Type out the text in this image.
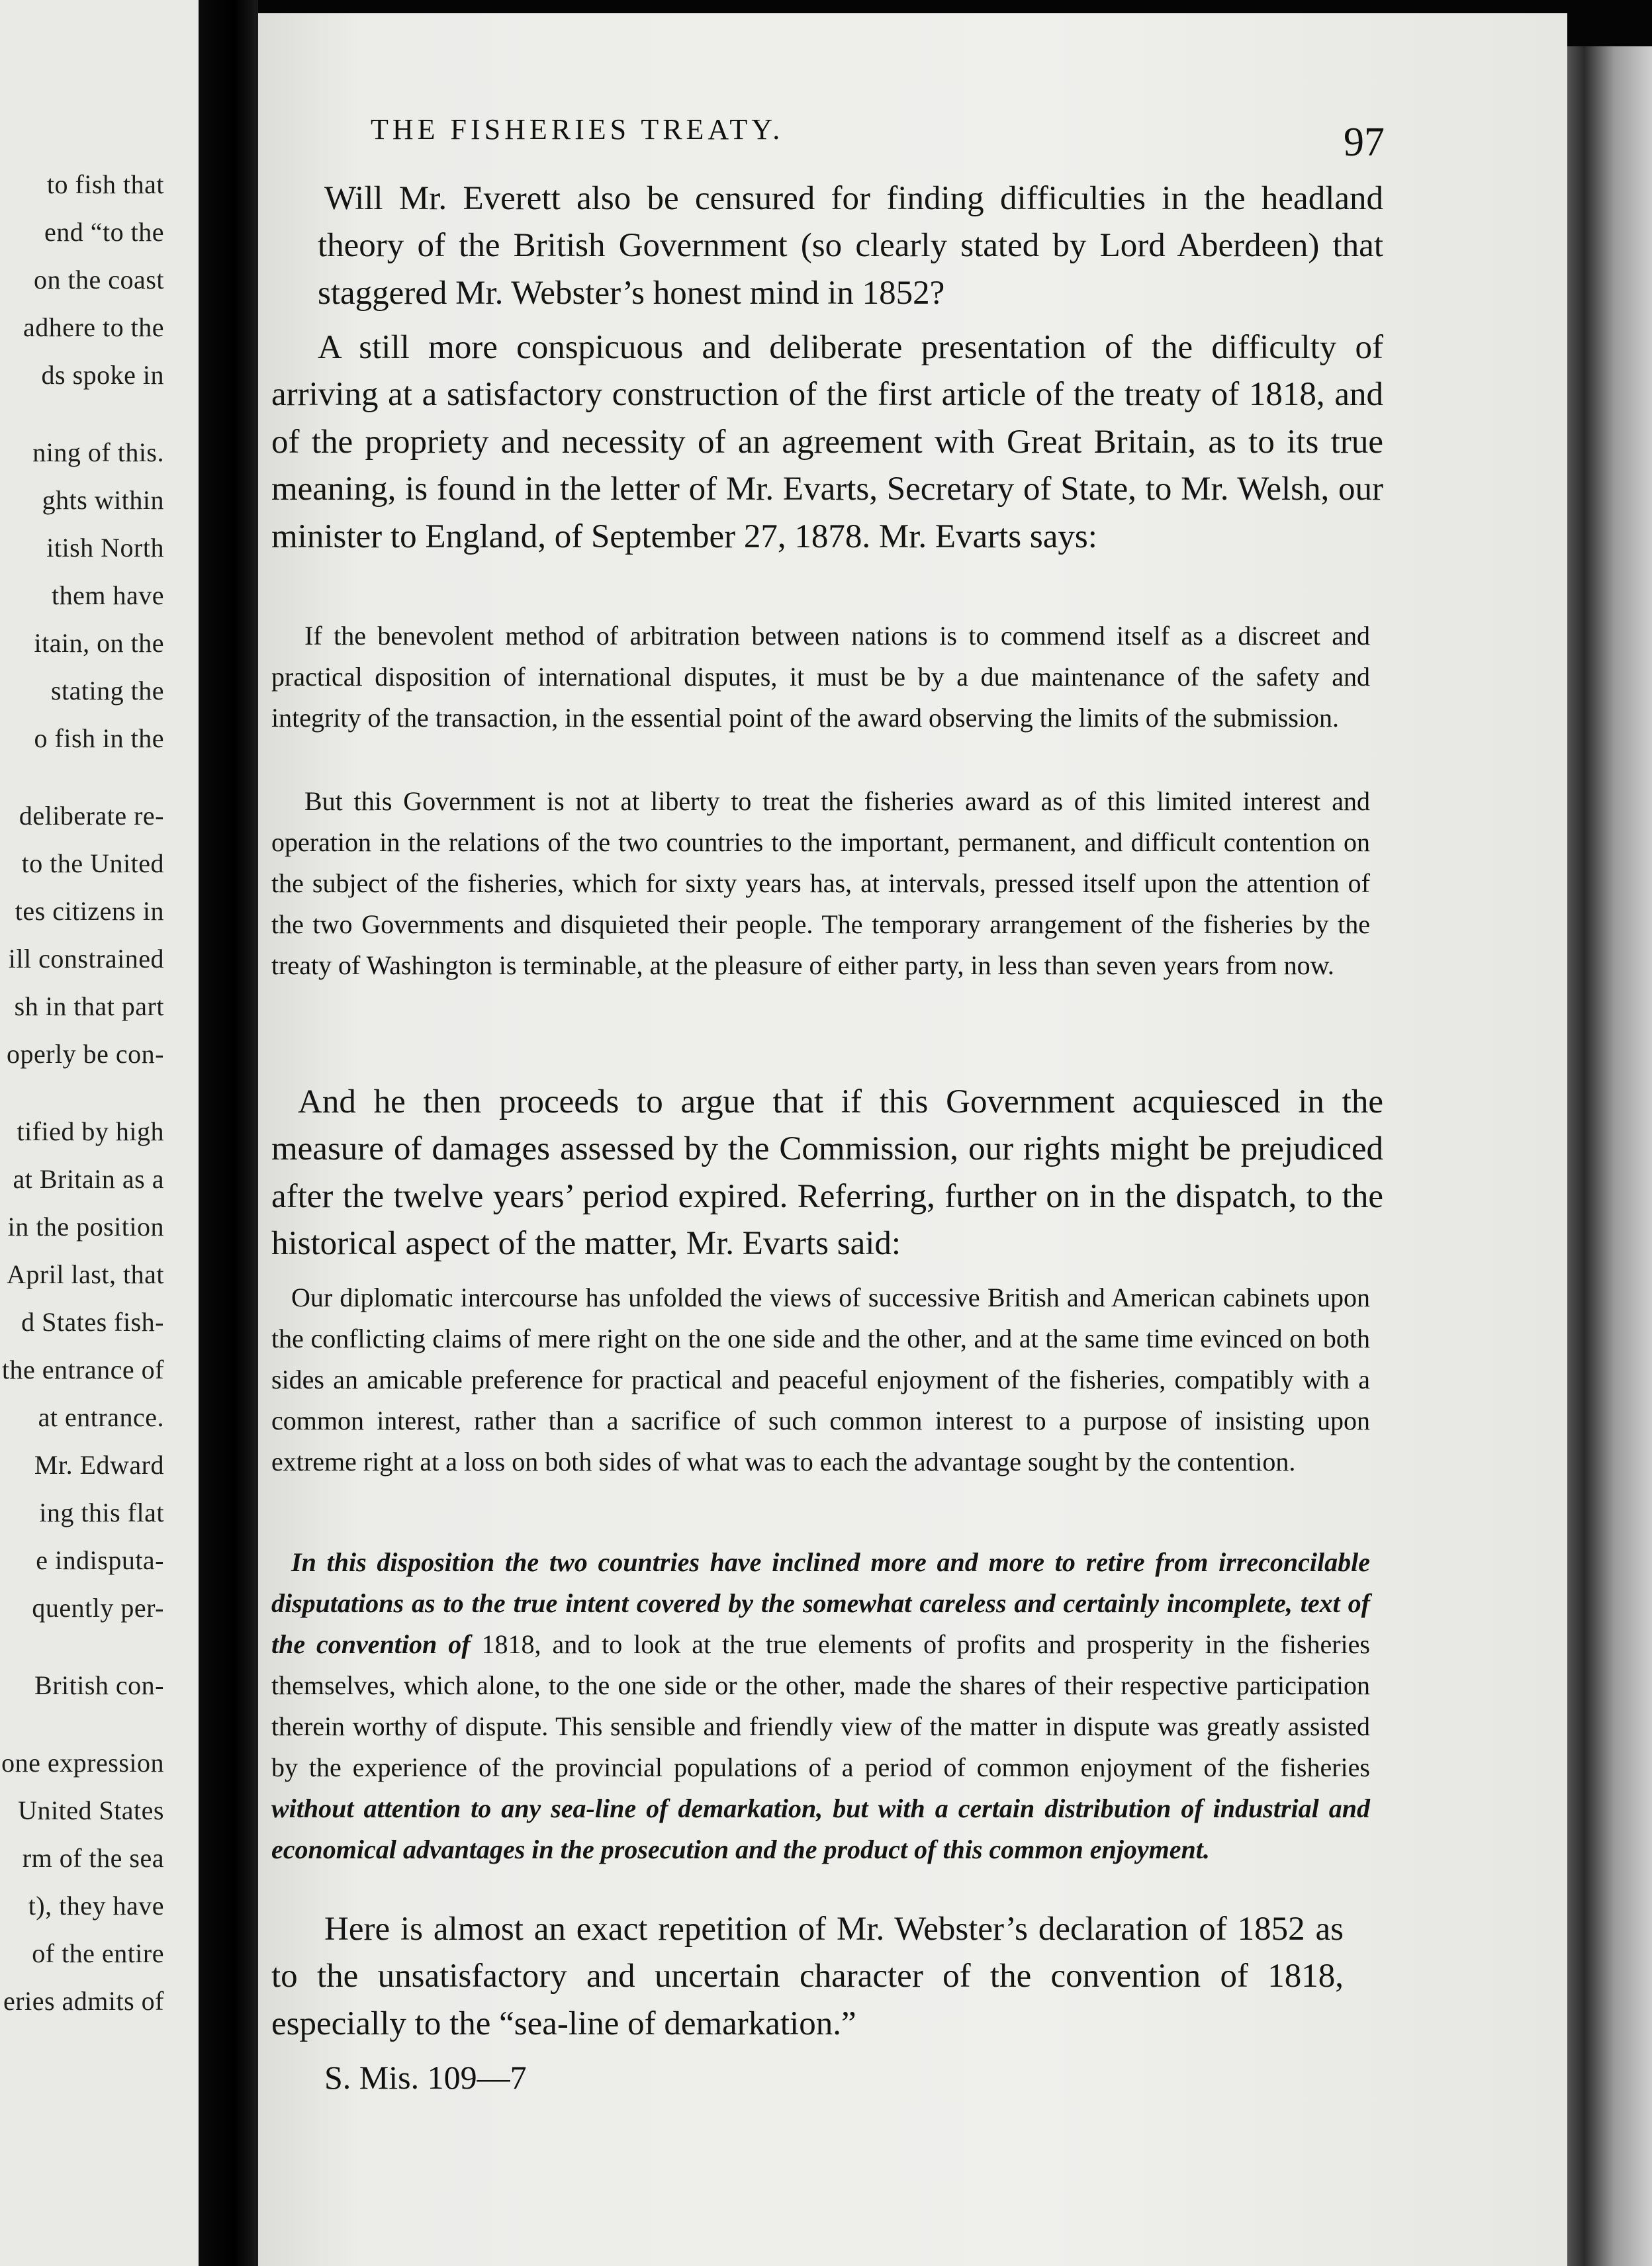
to fish that
end “to the
on the coast
adhere to the
ds spoke in
ning of this.
ghts within
itish North
them have
itain, on the
stating the
o fish in the
deliberate re-
to the United
tes citizens in
ill constrained
sh in that part
operly be con-
tified by high
at Britain as a
in the position
April last, that
d States fish-
the entrance of
at entrance.
Mr. Edward
ing this flat
e indisputa-
quently per-
British con-
one expression
United States
rm of the sea
t), they have
of the entire
eries admits of
THE FISHERIES TREATY.	97
Will Mr. Everett also be censured for finding difficulties in the headland theory of the British Government (so clearly stated by Lord Aberdeen) that staggered Mr. Webster’s honest mind in 1852?
A still more conspicuous and deliberate presentation of the difficulty of arriving at a satisfactory construction of the first article of the treaty of 1818, and of the propriety and necessity of an agreement with Great Britain, as to its true meaning, is found in the letter of Mr. Evarts, Secretary of State, to Mr. Welsh, our minister to England, of September 27, 1878. Mr. Evarts says:
If the benevolent method of arbitration between nations is to commend itself as a discreet and practical disposition of international disputes, it must be by a due maintenance of the safety and integrity of the transaction, in the essential point of the award observing the limits of the submission.
But this Government is not at liberty to treat the fisheries award as of this limited interest and operation in the relations of the two countries to the important, permanent, and difficult contention on the subject of the fisheries, which for sixty years has, at intervals, pressed itself upon the attention of the two Governments and disquieted their people. The temporary arrangement of the fisheries by the treaty of Washington is terminable, at the pleasure of either party, in less than seven years from now.
And he then proceeds to argue that if this Government acquiesced in the measure of damages assessed by the Commission, our rights might be prejudiced after the twelve years’ period expired. Referring, further on in the dispatch, to the historical aspect of the matter, Mr. Evarts said:
Our diplomatic intercourse has unfolded the views of successive British and American cabinets upon the conflicting claims of mere right on the one side and the other, and at the same time evinced on both sides an amicable preference for practical and peaceful enjoyment of the fisheries, compatibly with a common interest, rather than a sacrifice of such common interest to a purpose of insisting upon extreme right at a loss on both sides of what was to each the advantage sought by the contention.
In this disposition the two countries have inclined more and more to retire from irreconcilable disputations as to the true intent covered by the somewhat careless and certainly incomplete, text of the convention of 1818, and to look at the true elements of profits and prosperity in the fisheries themselves, which alone, to the one side or the other, made the shares of their respective participation therein worthy of dispute. This sensible and friendly view of the matter in dispute was greatly assisted by the experience of the provincial populations of a period of common enjoyment of the fisheries without attention to any sea-line of demarkation, but with a certain distribution of industrial and economical advantages in the prosecution and the product of this common enjoyment.
Here is almost an exact repetition of Mr. Webster’s declaration of 1852 as to the unsatisfactory and uncertain character of the convention of 1818, especially to the “sea-line of demarkation.”
S. Mis. 109—7
